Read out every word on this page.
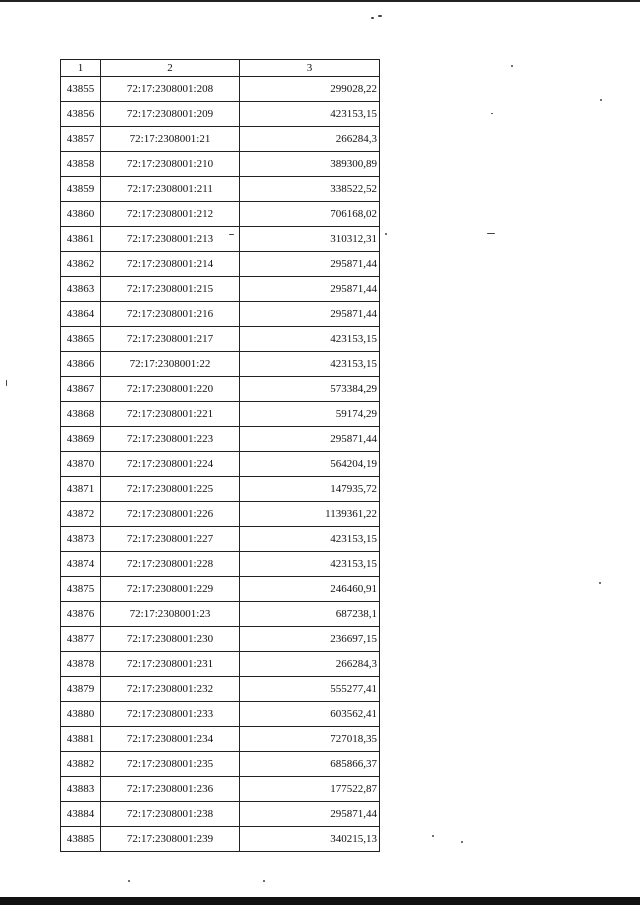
1	2	3
43855	72:17:2308001:208	299028,22
43856	72:17:2308001:209	423153,15
43857	72:17:2308001:21	266284,3
43858	72:17:2308001:210	389300,89
43859	72:17:2308001:211	338522,52
43860	72:17:2308001:212	706168,02
43861	72:17:2308001:213	310312,31
43862	72:17:2308001:214	295871,44
43863	72:17:2308001:215	295871,44
43864	72:17:2308001:216	295871,44
43865	72:17:2308001:217	423153,15
43866	72:17:2308001:22	423153,15
43867	72:17:2308001:220	573384,29
43868	72:17:2308001:221	59174,29
43869	72:17:2308001:223	295871,44
43870	72:17:2308001:224	564204,19
43871	72:17:2308001:225	147935,72
43872	72:17:2308001:226	1139361,22
43873	72:17:2308001:227	423153,15
43874	72:17:2308001:228	423153,15
43875	72:17:2308001:229	246460,91
43876	72:17:2308001:23	687238,1
43877	72:17:2308001:230	236697,15
43878	72:17:2308001:231	266284,3
43879	72:17:2308001:232	555277,41
43880	72:17:2308001:233	603562,41
43881	72:17:2308001:234	727018,35
43882	72:17:2308001:235	685866,37
43883	72:17:2308001:236	177522,87
43884	72:17:2308001:238	295871,44
43885	72:17:2308001:239	340215,13
